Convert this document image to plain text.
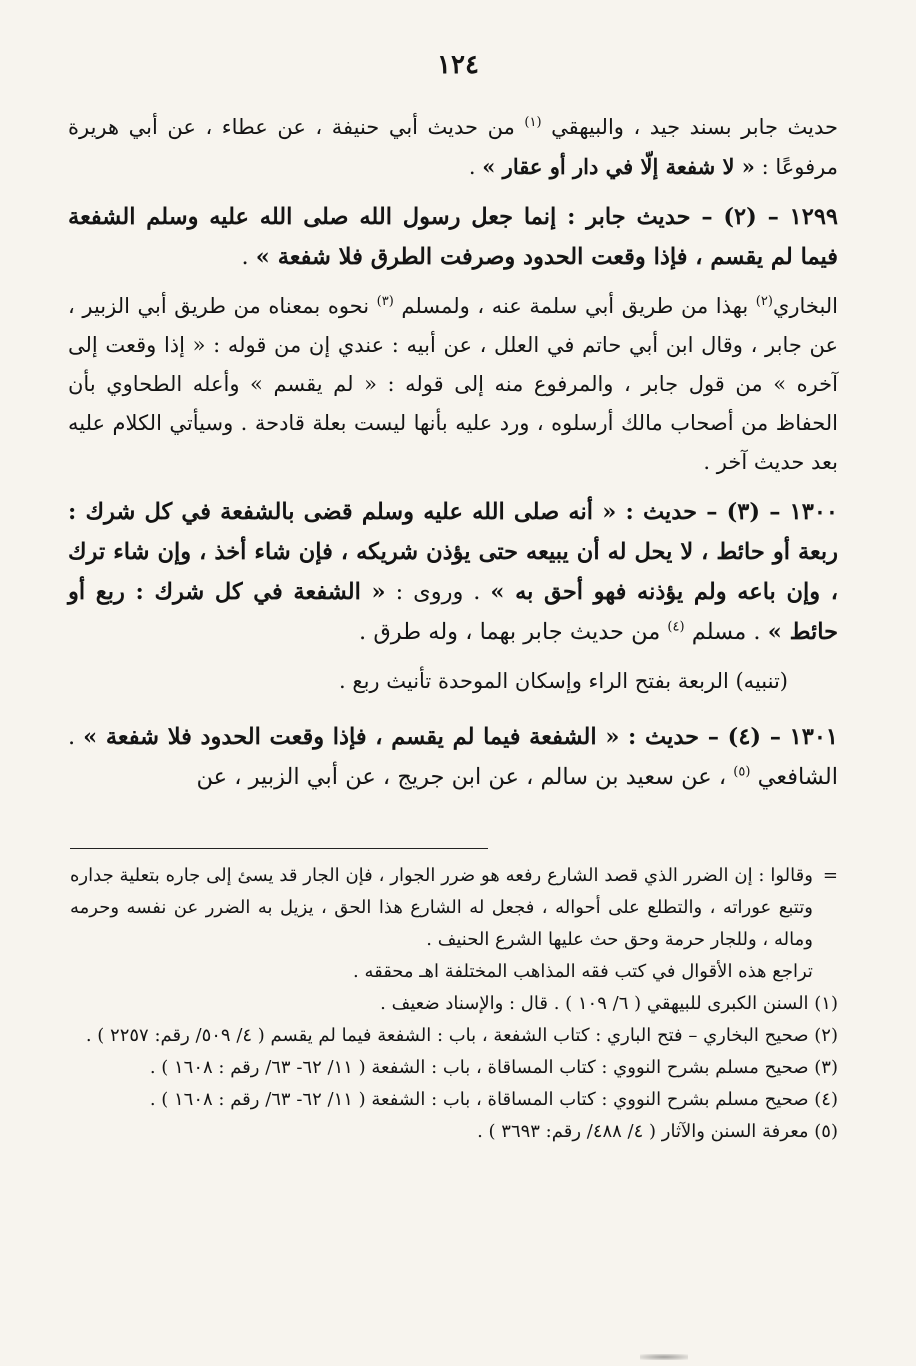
١٢٤

حديث جابر بسند جيد ، والبيهقي $^{(١)}$ من حديث أبي حنيفة ، عن عطاء ، عن أبي هريرة مرفوعًا : « لا شفعة إلّا في دار أو عقار » .

١٢٩٩ – (٢) – حديث جابر : إنما جعل رسول الله صلى الله عليه وسلم الشفعة فيما لم يقسم ، فإذا وقعت الحدود وصرفت الطرق فلا شفعة » .

البخاري$^{(٢)}$ بهذا من طريق أبي سلمة عنه ، ولمسلم $^{(٣)}$ نحوه بمعناه من طريق أبي الزبير ، عن جابر ، وقال ابن أبي حاتم في العلل ، عن أبيه : عندي إن من قوله : « إذا وقعت إلى آخره » من قول جابر ، والمرفوع منه إلى قوله : « لم يقسم » وأعله الطحاوي بأن الحفاظ من أصحاب مالك أرسلوه ، ورد عليه بأنها ليست بعلة قادحة . وسيأتي الكلام عليه بعد حديث آخر .

١٣٠٠ – (٣) – حديث : « أنه صلى الله عليه وسلم قضى بالشفعة في كل شرك : ربعة أو حائط ، لا يحل له أن يبيعه حتى يؤذن شريكه ، فإن شاء أخذ ، وإن شاء ترك ، وإن باعه ولم يؤذنه فهو أحق به » . وروى : « الشفعة في كل شرك : ربع أو حائط » . مسلم $^{(٤)}$ من حديث جابر بهما ، وله طرق .

(تنبيه) الربعة بفتح الراء وإسكان الموحدة تأنيث ربع .

١٣٠١ – (٤) – حديث : « الشفعة فيما لم يقسم ، فإذا وقعت الحدود فلا شفعة » . الشافعي $^{(٥)}$ ، عن سعيد بن سالم ، عن ابن جريج ، عن أبي الزبير ، عن

=

وقالوا : إن الضرر الذي قصد الشارع رفعه هو ضرر الجوار ، فإن الجار قد يسئ إلى جاره بتعلية جداره وتتبع عوراته ، والتطلع على أحواله ، فجعل له الشارع هذا الحق ، يزيل به الضرر عن نفسه وحرمه وماله ، وللجار حرمة وحق حث عليها الشرع الحنيف .

تراجع هذه الأقوال في كتب فقه المذاهب المختلفة اهـ محققه .

(١) السنن الكبرى للبيهقي ( ٦/ ١٠٩ ) . قال : والإسناد ضعيف .

(٢) صحيح البخاري – فتح الباري : كتاب الشفعة ، باب : الشفعة فيما لم يقسم ( ٤/ ٥٠٩/ رقم: ٢٢٥٧ ) .

(٣) صحيح مسلم بشرح النووي : كتاب المساقاة ، باب : الشفعة ( ١١/ ٦٢- ٦٣/ رقم : ١٦٠٨ ) .

(٤) صحيح مسلم بشرح النووي : كتاب المساقاة ، باب : الشفعة ( ١١/ ٦٢- ٦٣/ رقم : ١٦٠٨ ) .

(٥) معرفة السنن والآثار ( ٤/ ٤٨٨/ رقم: ٣٦٩٣ ) .
